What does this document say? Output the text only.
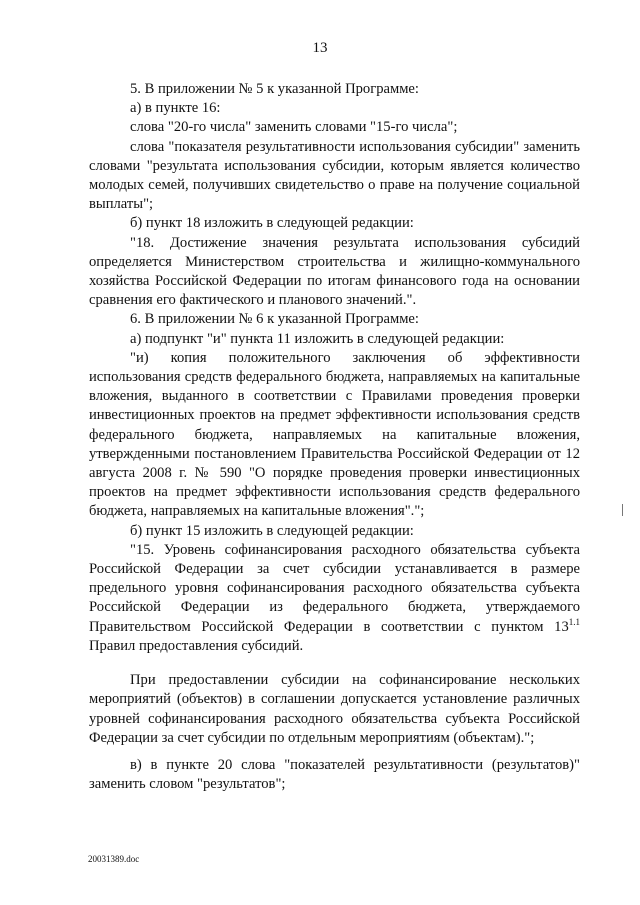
13

5. В приложении № 5 к указанной Программе:

а) в пункте 16:

слова "20-го числа" заменить словами "15-го числа";

слова "показателя результативности использования субсидии" заменить словами "результата использования субсидии, которым является количество молодых семей, получивших свидетельство о праве на получение социальной выплаты";

б) пункт 18 изложить в следующей редакции:

"18. Достижение значения результата использования субсидий определяется Министерством строительства и жилищно-коммунального хозяйства Российской Федерации по итогам финансового года на основании сравнения его фактического и планового значений.".

6. В приложении № 6 к указанной Программе:

а) подпункт "и" пункта 11 изложить в следующей редакции:

"и) копия положительного заключения об эффективности использования средств федерального бюджета, направляемых на капитальные вложения, выданного в соответствии с Правилами проведения проверки инвестиционных проектов на предмет эффективности использования средств федерального бюджета, направляемых на капитальные вложения, утвержденными постановлением Правительства Российской Федерации от 12 августа 2008 г. № 590 "О порядке проведения проверки инвестиционных проектов на предмет эффективности использования средств федерального бюджета, направляемых на капитальные вложения".";

б) пункт 15 изложить в следующей редакции:

"15. Уровень софинансирования расходного обязательства субъекта Российской Федерации за счет субсидии устанавливается в размере предельного уровня софинансирования расходного обязательства субъекта Российской Федерации из федерального бюджета, утверждаемого Правительством Российской Федерации в соответствии с пунктом $13^{1.1}$ Правил предоставления субсидий.

При предоставлении субсидии на софинансирование нескольких мероприятий (объектов) в соглашении допускается установление различных уровней софинансирования расходного обязательства субъекта Российской Федерации за счет субсидии по отдельным мероприятиям (объектам).";

в) в пункте 20 слова "показателей результативности (результатов)" заменить словом "результатов";

20031389.doc
